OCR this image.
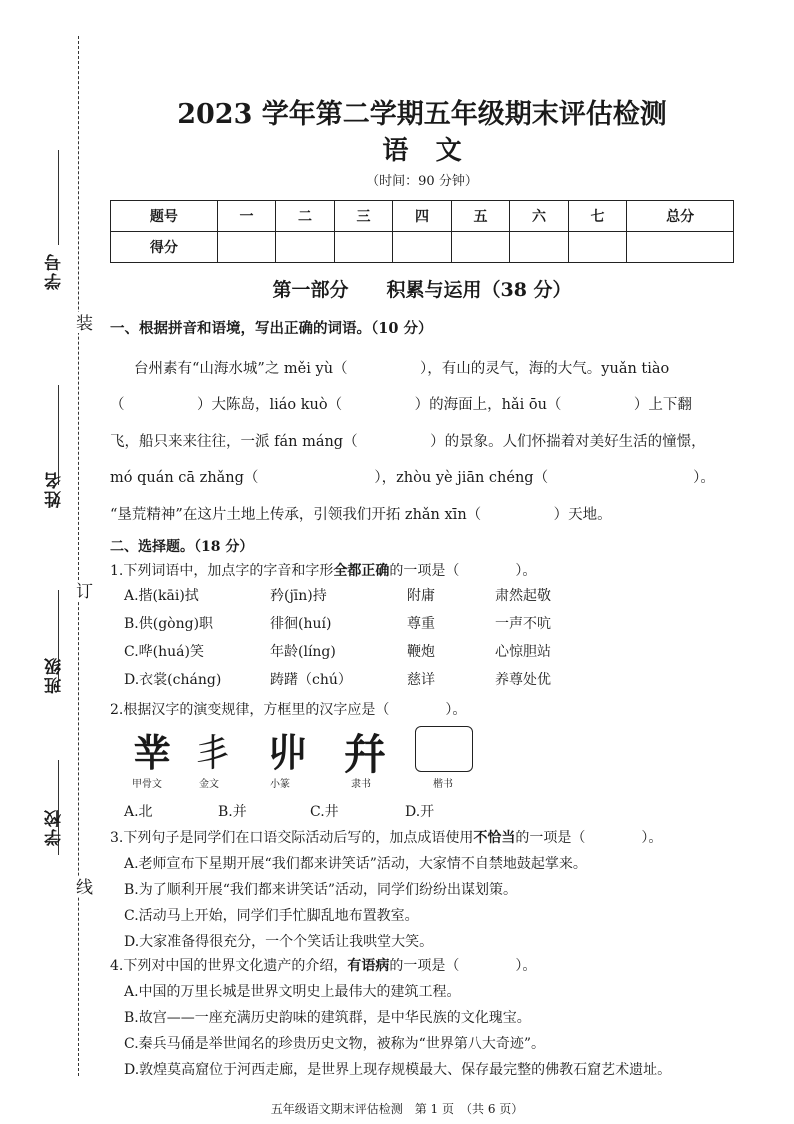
学号
姓名
班级
学校
装
订
线
2023 学年第二学期五年级期末评估检测
语   文
（时间：90 分钟）
题号	一	二	三	四	五	六	七	总分
得分								
第一部分　　积累与运用（38 分）
一、根据拼音和语境，写出正确的词语。（10 分）
台州素有“山海水城”之 měi yù（　　　　　），有山的灵气，海的大气。yuǎn tiào
（　　　　　）大陈岛，liáo kuò（　　　　　）的海面上，hǎi ōu（　　　　　）上下翻
飞，船只来来往往，一派 fán máng（　　　　　）的景象。人们怀揣着对美好生活的憧憬，
mó quán cā zhǎng（　　　　　　　　），zhòu yè jiān chéng（　　　　　　　　　　）。
“垦荒精神”在这片土地上传承，引领我们开拓 zhǎn xīn（　　　　　）天地。
二、选择题。（18 分）
1.下列词语中，加点字的字音和字形全都正确的一项是（　　　　）。
A.揩(kāi)拭	矜(jīn)持	附庸	肃然起敬
B.供(gòng)职	徘徊(huí)	尊重	一声不吭
C.哗(huá)笑	年龄(líng)	鞭炮	心惊胆站
D.衣裳(cháng)	踌躇（chú）	慈详	养尊处优
2.根据汉字的演变规律，方框里的汉字应是（　　　　）。
丵 丯 丱 幷
甲骨文	金文	小篆	隶书	楷书
A.北	B.并	C.井	D.开
3.下列句子是同学们在口语交际活动后写的，加点成语使用不恰当的一项是（　　　　）。
A.老师宣布下星期开展“我们都来讲笑话”活动，大家情不自禁地鼓起掌来。
B.为了顺利开展“我们都来讲笑话”活动，同学们纷纷出谋划策。
C.活动马上开始，同学们手忙脚乱地布置教室。
D.大家准备得很充分，一个个笑话让我哄堂大笑。
4.下列对中国的世界文化遗产的介绍，有语病的一项是（　　　　）。
A.中国的万里长城是世界文明史上最伟大的建筑工程。
B.故宫——一座充满历史韵味的建筑群，是中华民族的文化瑰宝。
C.秦兵马俑是举世闻名的珍贵历史文物，被称为“世界第八大奇迹”。
D.敦煌莫高窟位于河西走廊，是世界上现存规模最大、保存最完整的佛教石窟艺术遗址。
五年级语文期末评估检测　第 1 页　（共 6 页）
